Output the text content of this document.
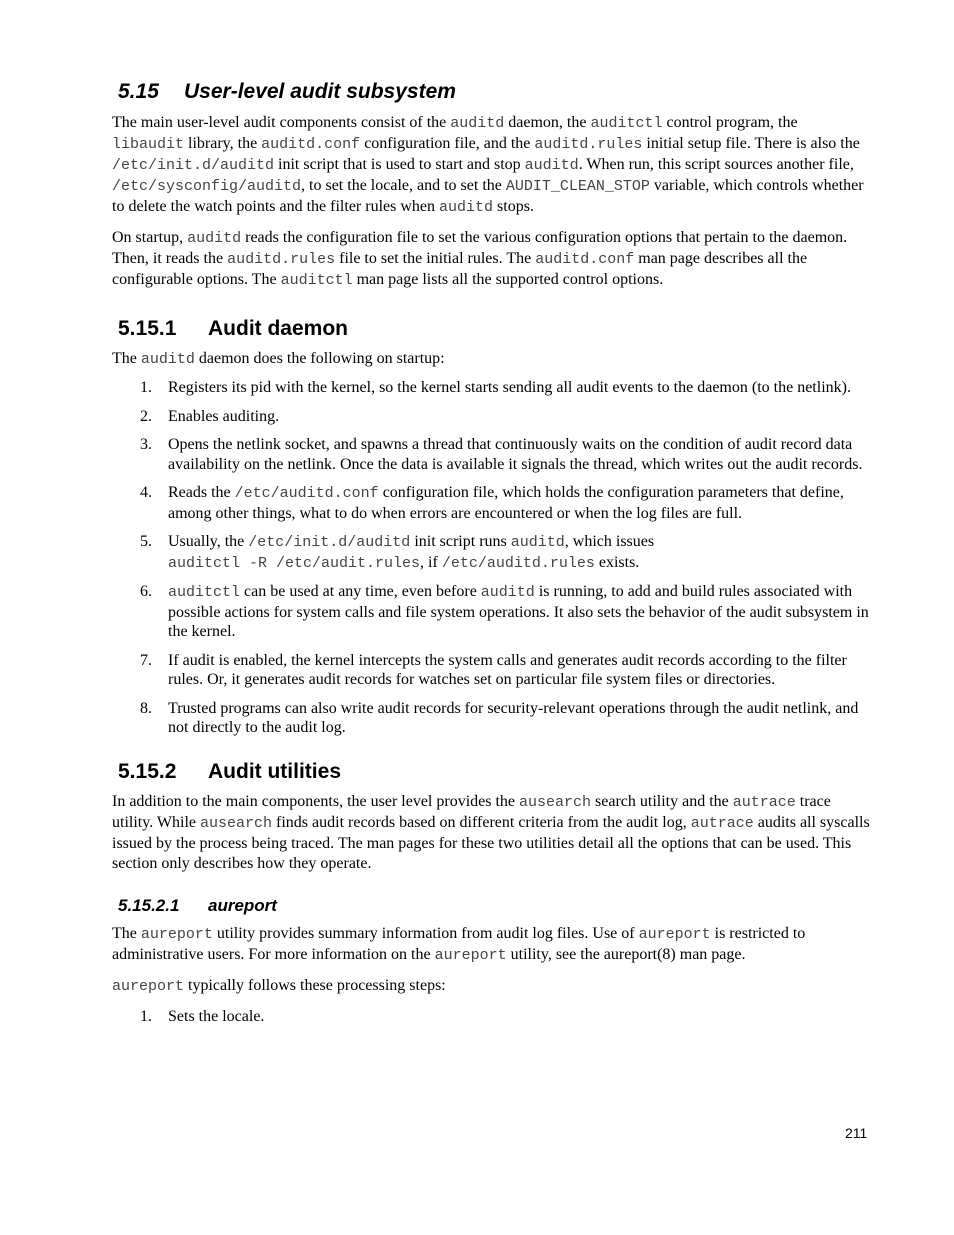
5.15 User-level audit subsystem

The main user-level audit components consist of the auditd daemon, the auditctl control program, the libaudit library, the auditd.conf configuration file, and the auditd.rules initial setup file. There is also the /etc/init.d/auditd init script that is used to start and stop auditd. When run, this script sources another file, /etc/sysconfig/auditd, to set the locale, and to set the AUDIT_CLEAN_STOP variable, which controls whether to delete the watch points and the filter rules when auditd stops.

On startup, auditd reads the configuration file to set the various configuration options that pertain to the daemon. Then, it reads the auditd.rules file to set the initial rules. The auditd.conf man page describes all the configurable options. The auditctl man page lists all the supported control options.

5.15.1 Audit daemon

The auditd daemon does the following on startup:

1. Registers its pid with the kernel, so the kernel starts sending all audit events to the daemon (to the netlink).
2. Enables auditing.
3. Opens the netlink socket, and spawns a thread that continuously waits on the condition of audit record data availability on the netlink. Once the data is available it signals the thread, which writes out the audit records.
4. Reads the /etc/auditd.conf configuration file, which holds the configuration parameters that define, among other things, what to do when errors are encountered or when the log files are full.
5. Usually, the /etc/init.d/auditd init script runs auditd, which issues
auditctl -R /etc/audit.rules, if /etc/auditd.rules exists.
6. auditctl can be used at any time, even before auditd is running, to add and build rules associated with possible actions for system calls and file system operations. It also sets the behavior of the audit subsystem in the kernel.
7. If audit is enabled, the kernel intercepts the system calls and generates audit records according to the filter rules. Or, it generates audit records for watches set on particular file system files or directories.
8. Trusted programs can also write audit records for security-relevant operations through the audit netlink, and not directly to the audit log.
5.15.2 Audit utilities

In addition to the main components, the user level provides the ausearch search utility and the autrace trace utility. While ausearch finds audit records based on different criteria from the audit log, autrace audits all syscalls issued by the process being traced. The man pages for these two utilities detail all the options that can be used. This section only describes how they operate.

5.15.2.1 aureport

The aureport utility provides summary information from audit log files. Use of aureport is restricted to administrative users. For more information on the aureport utility, see the aureport(8) man page.

aureport typically follows these processing steps:

1. Sets the locale.
211
